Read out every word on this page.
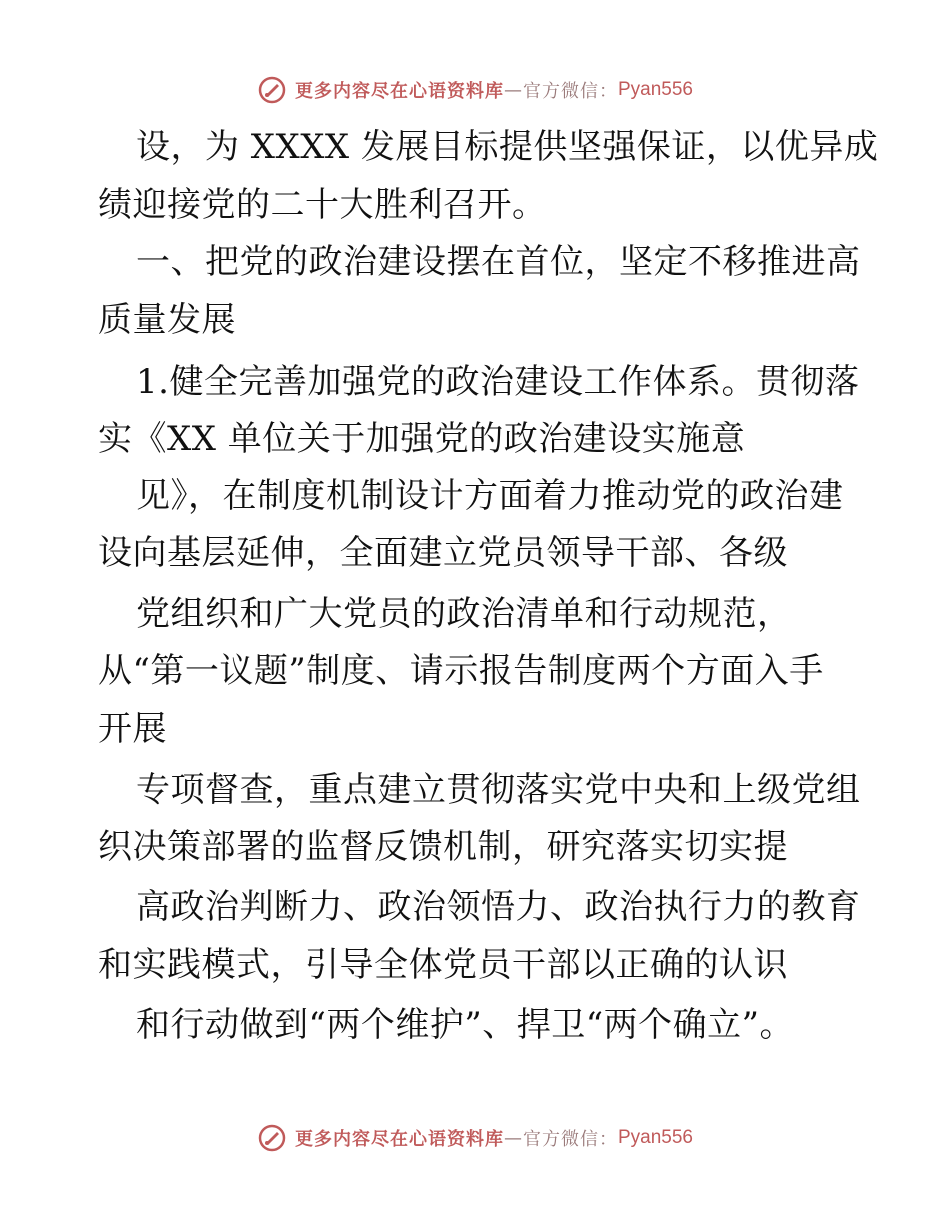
更多内容尽在心语资料库 — 官方微信： Pyan556
设，为 XXXX 发展目标提供坚强保证，以优异成
绩迎接党的二十大胜利召开。
一、把党的政治建设摆在首位，坚定不移推进高
质量发展
1.健全完善加强党的政治建设工作体系。贯彻落
实《XX 单位关于加强党的政治建设实施意
见》，在制度机制设计方面着力推动党的政治建
设向基层延伸，全面建立党员领导干部、各级
党组织和广大党员的政治清单和行动规范，
从“第一议题”制度、请示报告制度两个方面入手
开展
专项督查，重点建立贯彻落实党中央和上级党组
织决策部署的监督反馈机制，研究落实切实提
高政治判断力、政治领悟力、政治执行力的教育
和实践模式，引导全体党员干部以正确的认识
和行动做到“两个维护”、捍卫“两个确立”。
更多内容尽在心语资料库 — 官方微信： Pyan556
